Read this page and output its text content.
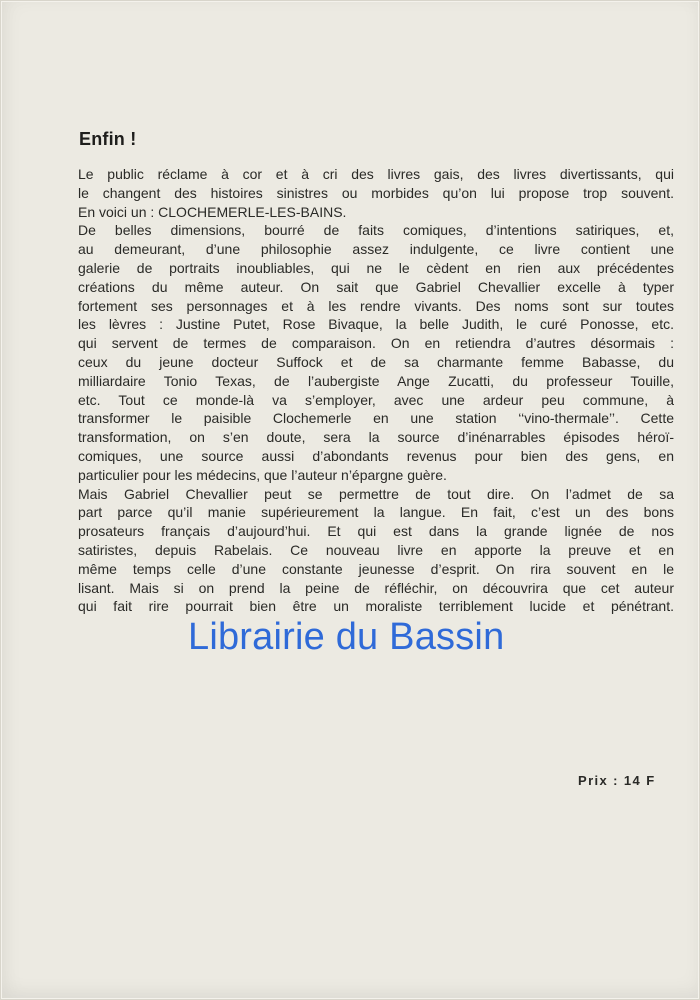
Enfin !
Le public réclame à cor et à cri des livres gais, des livres divertissants, qui
le changent des histoires sinistres ou morbides qu’on lui propose trop souvent.
En voici un : CLOCHEMERLE-LES-BAINS.
De belles dimensions, bourré de faits comiques, d’intentions satiriques, et,
au demeurant, d’une philosophie assez indulgente, ce livre contient une
galerie de portraits inoubliables, qui ne le cèdent en rien aux précédentes
créations du même auteur. On sait que Gabriel Chevallier excelle à typer
fortement ses personnages et à les rendre vivants. Des noms sont sur toutes
les lèvres : Justine Putet, Rose Bivaque, la belle Judith, le curé Ponosse, etc.
qui servent de termes de comparaison. On en retiendra d’autres désormais :
ceux du jeune docteur Suffock et de sa charmante femme Babasse, du
milliardaire Tonio Texas, de l’aubergiste Ange Zucatti, du professeur Touille,
etc. Tout ce monde-là va s’employer, avec une ardeur peu commune, à
transformer le paisible Clochemerle en une station ‘‘vino-thermale’’. Cette
transformation, on s’en doute, sera la source d’inénarrables épisodes héroï-
comiques, une source aussi d’abondants revenus pour bien des gens, en
particulier pour les médecins, que l’auteur n’épargne guère.
Mais Gabriel Chevallier peut se permettre de tout dire. On l’admet de sa
part parce qu’il manie supérieurement la langue. En fait, c’est un des bons
prosateurs français d’aujourd’hui. Et qui est dans la grande lignée de nos
satiristes, depuis Rabelais. Ce nouveau livre en apporte la preuve et en
même temps celle d’une constante jeunesse d’esprit. On rira souvent en le
lisant. Mais si on prend la peine de réfléchir, on découvrira que cet auteur
qui fait rire pourrait bien être un moraliste terriblement lucide et pénétrant.
Librairie du Bassin
Prix : 14 F
